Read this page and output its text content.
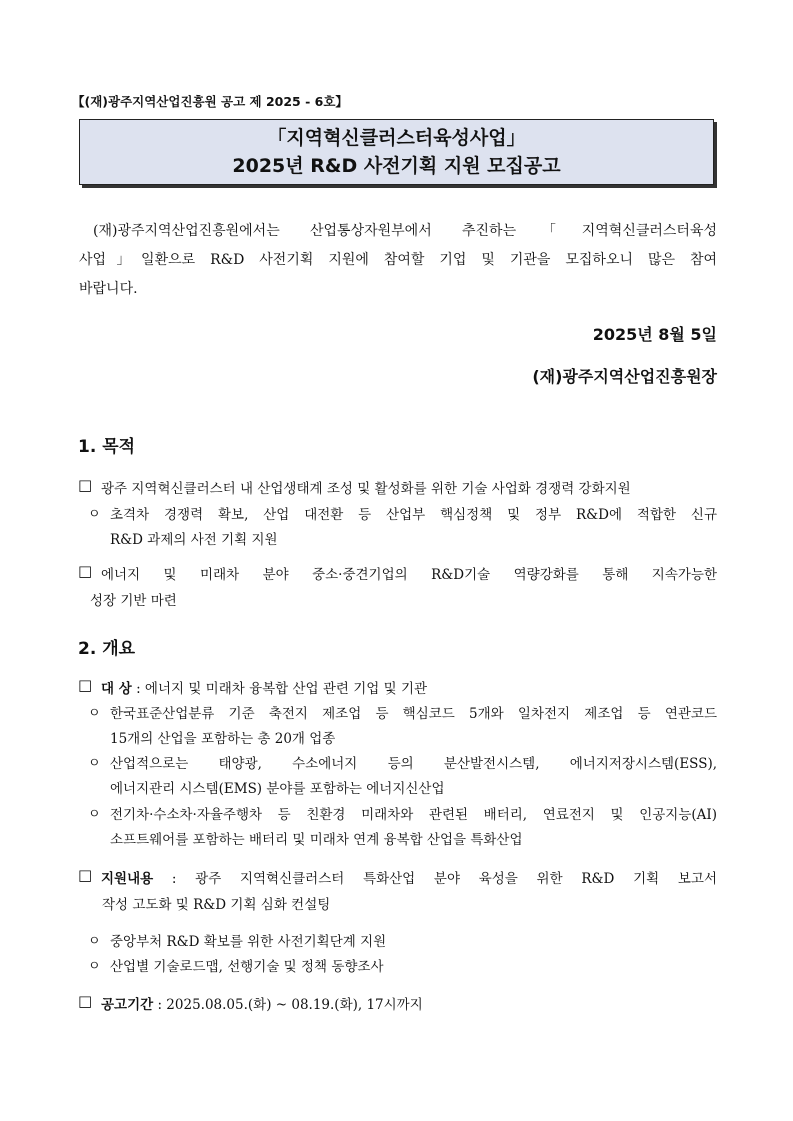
【(재)광주지역산업진흥원 공고 제 2025 - 6호】
「지역혁신클러스터육성사업」
2025년 R&D 사전기획 지원 모집공고
(재)광주지역산업진흥원에서는 산업통상자원부에서 추진하는「지역혁신클러스터육성
사업」일환으로 R&D 사전기획 지원에 참여할 기업 및 기관을 모집하오니 많은 참여
바랍니다.
2025년 8월 5일
(재)광주지역산업진흥원장
1. 목적
□ 광주 지역혁신클러스터 내 산업생태계 조성 및 활성화를 위한 기술 사업화 경쟁력 강화지원
ㅇ 초격차 경쟁력 확보, 산업 대전환 등 산업부 핵심정책 및 정부 R&D에 적합한 신규
R&D 과제의 사전 기획 지원
□ 에너지 및 미래차 분야 중소·중견기업의 R&D기술 역량강화를 통해 지속가능한
성장 기반 마련
2. 개요
□ 대 상 : 에너지 및 미래차 융복합 산업 관련 기업 및 기관
ㅇ 한국표준산업분류 기준 축전지 제조업 등 핵심코드 5개와 일차전지 제조업 등 연관코드
15개의 산업을 포함하는 총 20개 업종
ㅇ 산업적으로는 태양광, 수소에너지 등의 분산발전시스템, 에너지저장시스템(ESS),
에너지관리 시스템(EMS) 분야를 포함하는 에너지신산업
ㅇ 전기차·수소차·자율주행차 등 친환경 미래차와 관련된 배터리, 연료전지 및 인공지능(AI)
소프트웨어를 포함하는 배터리 및 미래차 연계 융복합 산업을 특화산업
□ 지원내용 : 광주 지역혁신클러스터 특화산업 분야 육성을 위한 R&D 기획 보고서
작성 고도화 및 R&D 기획 심화 컨설팅
ㅇ 중앙부처 R&D 확보를 위한 사전기획단계 지원
ㅇ 산업별 기술로드맵, 선행기술 및 정책 동향조사
□ 공고기간 : 2025.08.05.(화) ~ 08.19.(화), 17시까지
